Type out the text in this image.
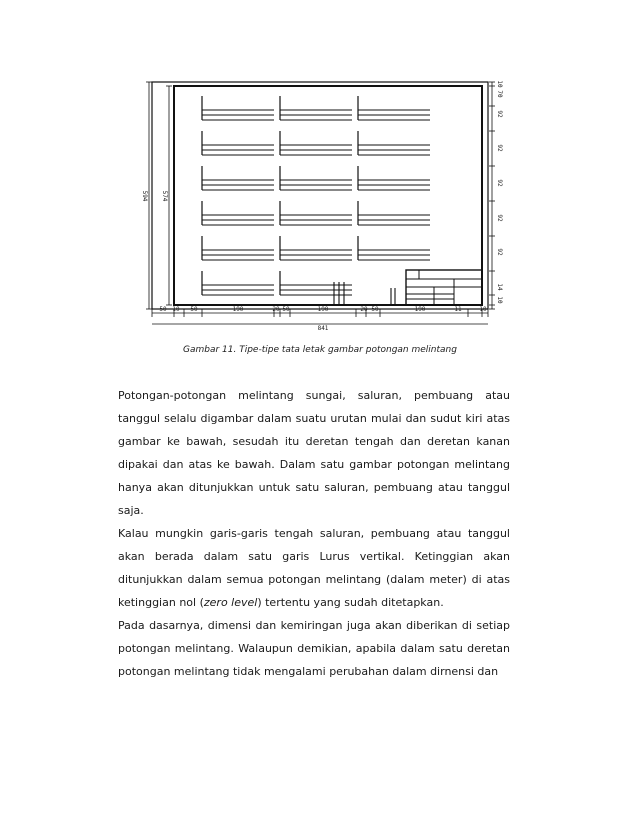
594 574
10
70
92
92
92
92
92
14
10
50 10 50	190	20 50	190	20 50	190	11	10
841
Gambar 11. Tipe-tipe tata letak gambar potongan melintang

Potongan-potongan melintang sungai, saluran, pembuang atau tanggul selalu digambar dalam suatu urutan mulai dan sudut kiri atas gambar ke bawah, sesudah itu deretan tengah dan deretan kanan dipakai dan atas ke bawah. Dalam satu gambar potongan melintang hanya akan ditunjukkan untuk satu saluran, pembuang atau tanggul saja.

Kalau mungkin garis-garis tengah saluran, pembuang atau tanggul akan berada dalam satu garis Lurus vertikal. Ketinggian akan ditunjukkan dalam semua potongan melintang (dalam meter) di atas ketinggian nol (zero level) tertentu yang sudah ditetapkan.

Pada dasarnya, dimensi dan kemiringan juga akan diberikan di setiap potongan melintang. Walaupun demikian, apabila dalam satu deretan potongan melintang tidak mengalami perubahan dalam dirnensi dan
